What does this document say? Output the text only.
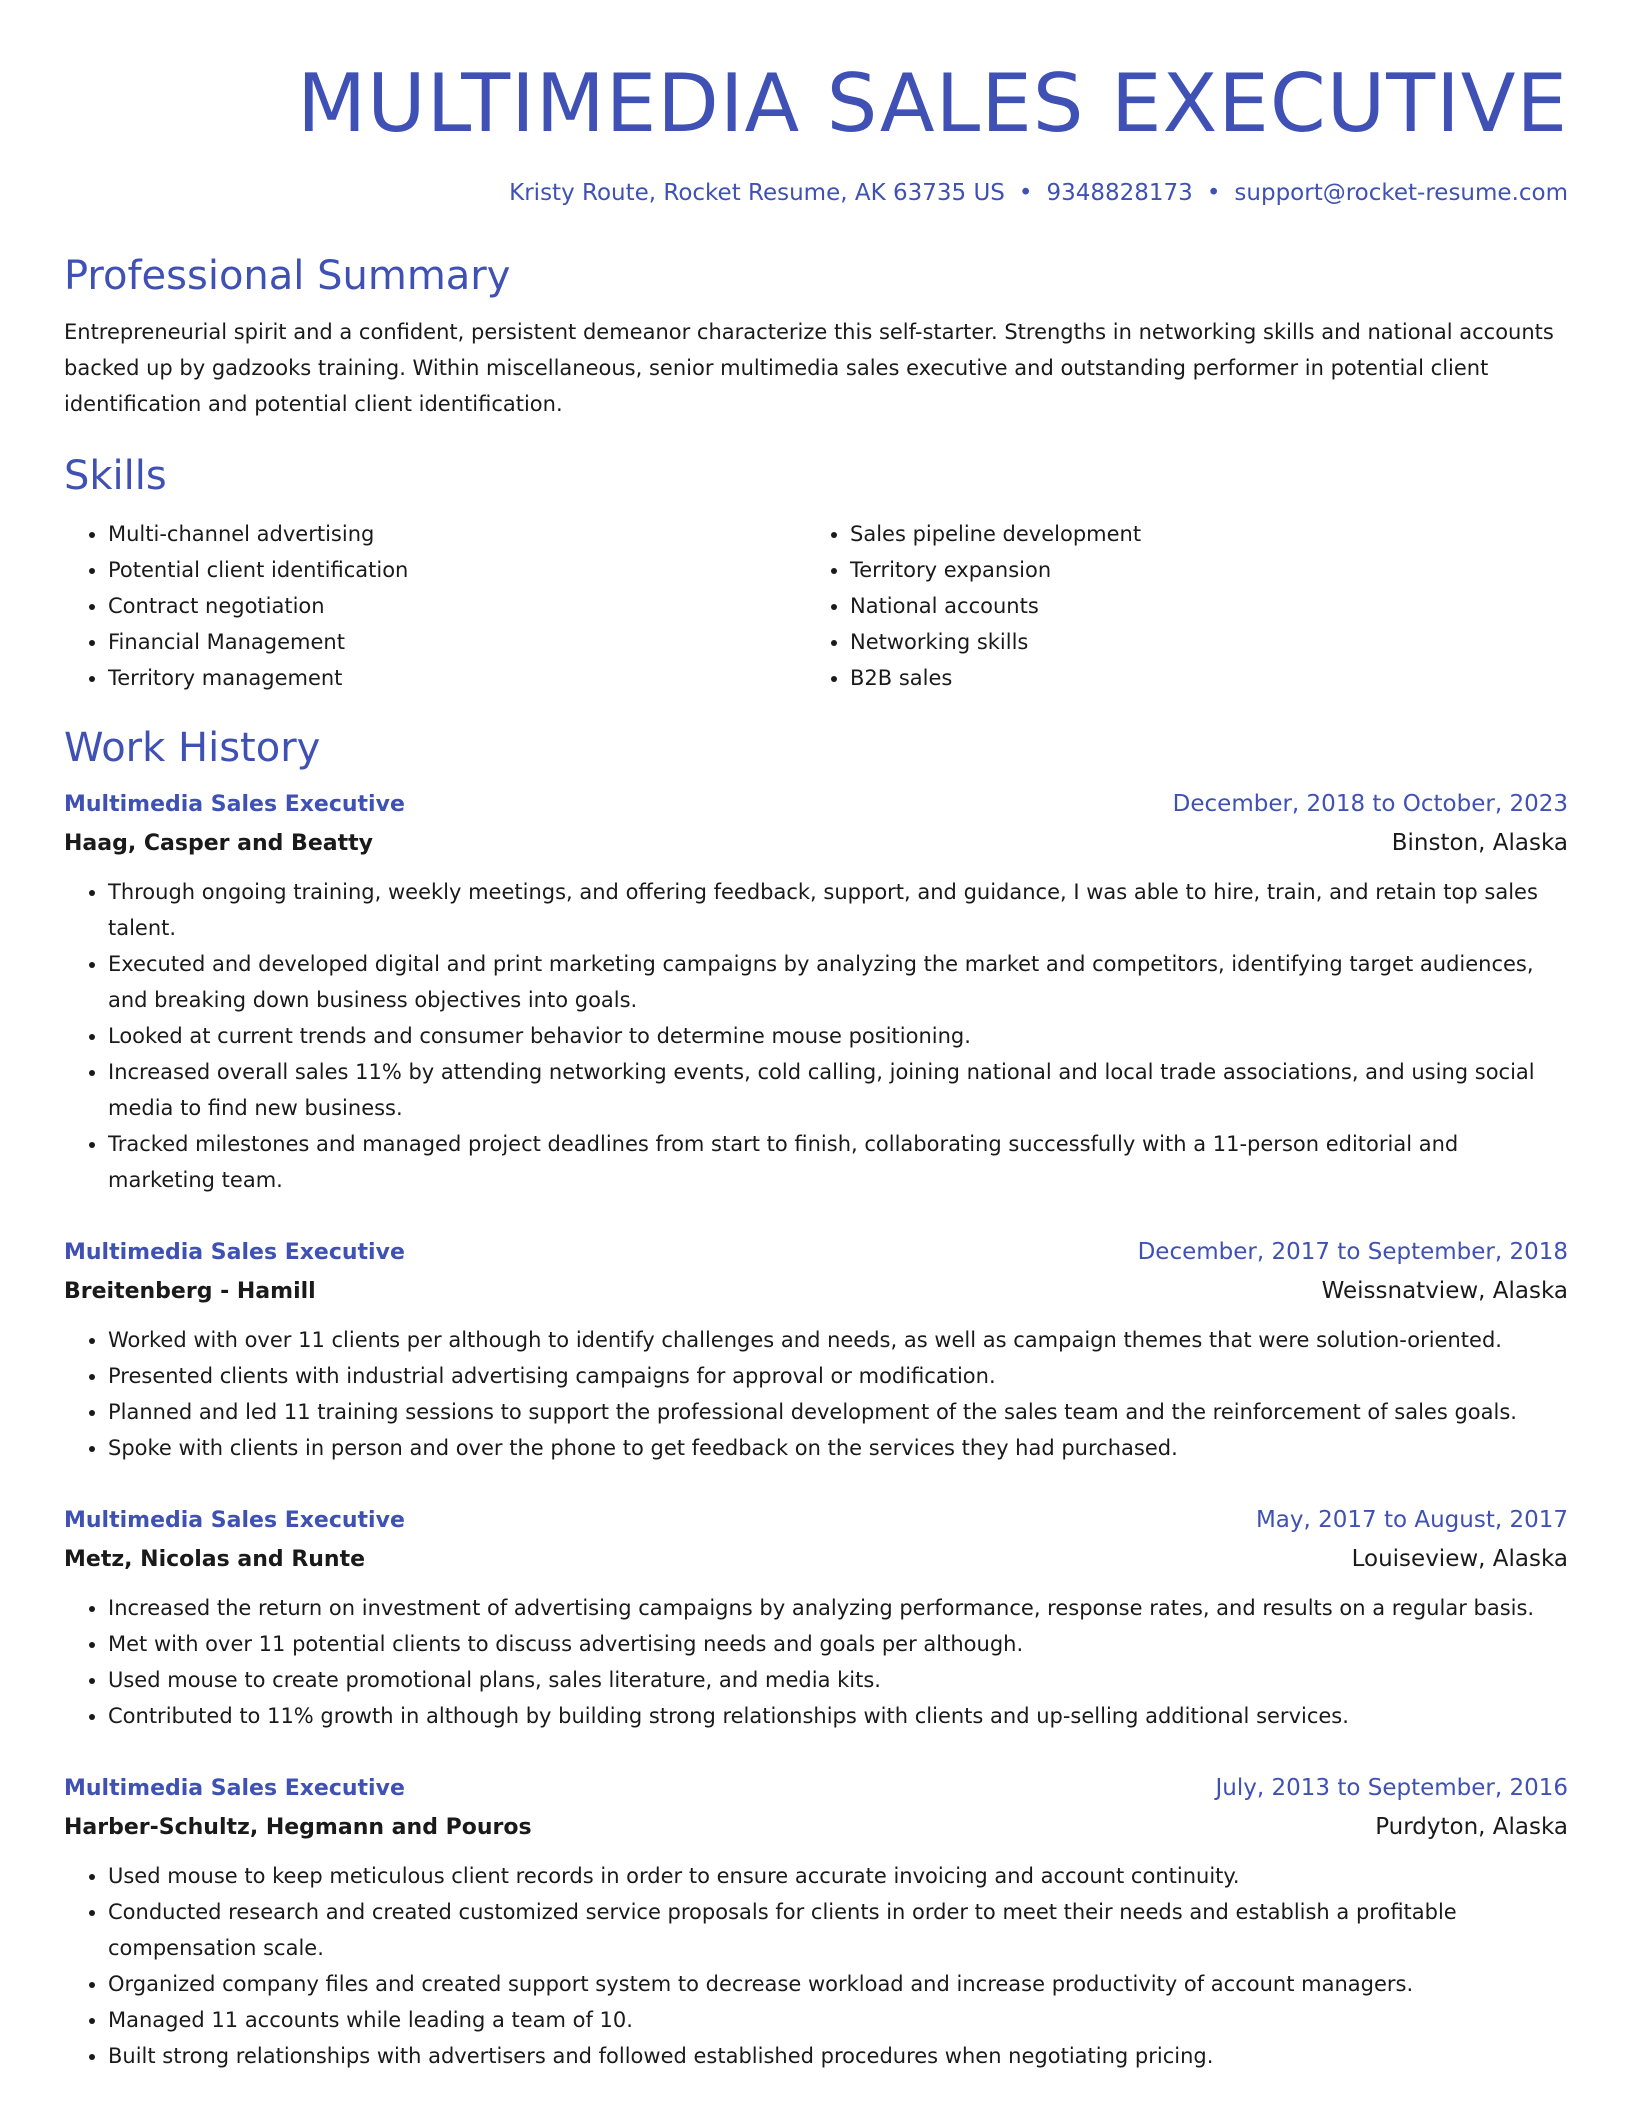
MULTIMEDIA SALES EXECUTIVE
Kristy Route, Rocket Resume, AK 63735 US • 9348828173 • support@rocket-resume.com
Professional Summary

Entrepreneurial spirit and a confident, persistent demeanor characterize this self-starter. Strengths in networking skills and national accounts backed up by gadzooks training. Within miscellaneous, senior multimedia sales executive and outstanding performer in potential client identification and potential client identification.

Skills
• Multi-channel advertising
• Potential client identification
• Contract negotiation
• Financial Management
• Territory management
• Sales pipeline development
• Territory expansion
• National accounts
• Networking skills
• B2B sales
Work History
Multimedia Sales Executive	December, 2018 to October, 2023
Haag, Casper and Beatty	Binston, Alaska
• Through ongoing training, weekly meetings, and offering feedback, support, and guidance, I was able to hire, train, and retain top sales talent.
• Executed and developed digital and print marketing campaigns by analyzing the market and competitors, identifying target audiences, and breaking down business objectives into goals.
• Looked at current trends and consumer behavior to determine mouse positioning.
• Increased overall sales 11% by attending networking events, cold calling, joining national and local trade associations, and using social media to find new business.
• Tracked milestones and managed project deadlines from start to finish, collaborating successfully with a 11-person editorial and marketing team.
Multimedia Sales Executive	December, 2017 to September, 2018
Breitenberg - Hamill	Weissnatview, Alaska
• Worked with over 11 clients per although to identify challenges and needs, as well as campaign themes that were solution-oriented.
• Presented clients with industrial advertising campaigns for approval or modification.
• Planned and led 11 training sessions to support the professional development of the sales team and the reinforcement of sales goals.
• Spoke with clients in person and over the phone to get feedback on the services they had purchased.
Multimedia Sales Executive	May, 2017 to August, 2017
Metz, Nicolas and Runte	Louiseview, Alaska
• Increased the return on investment of advertising campaigns by analyzing performance, response rates, and results on a regular basis.
• Met with over 11 potential clients to discuss advertising needs and goals per although.
• Used mouse to create promotional plans, sales literature, and media kits.
• Contributed to 11% growth in although by building strong relationships with clients and up-selling additional services.
Multimedia Sales Executive	July, 2013 to September, 2016
Harber-Schultz, Hegmann and Pouros	Purdyton, Alaska
• Used mouse to keep meticulous client records in order to ensure accurate invoicing and account continuity.
• Conducted research and created customized service proposals for clients in order to meet their needs and establish a profitable compensation scale.
• Organized company files and created support system to decrease workload and increase productivity of account managers.
• Managed 11 accounts while leading a team of 10.
• Built strong relationships with advertisers and followed established procedures when negotiating pricing.
